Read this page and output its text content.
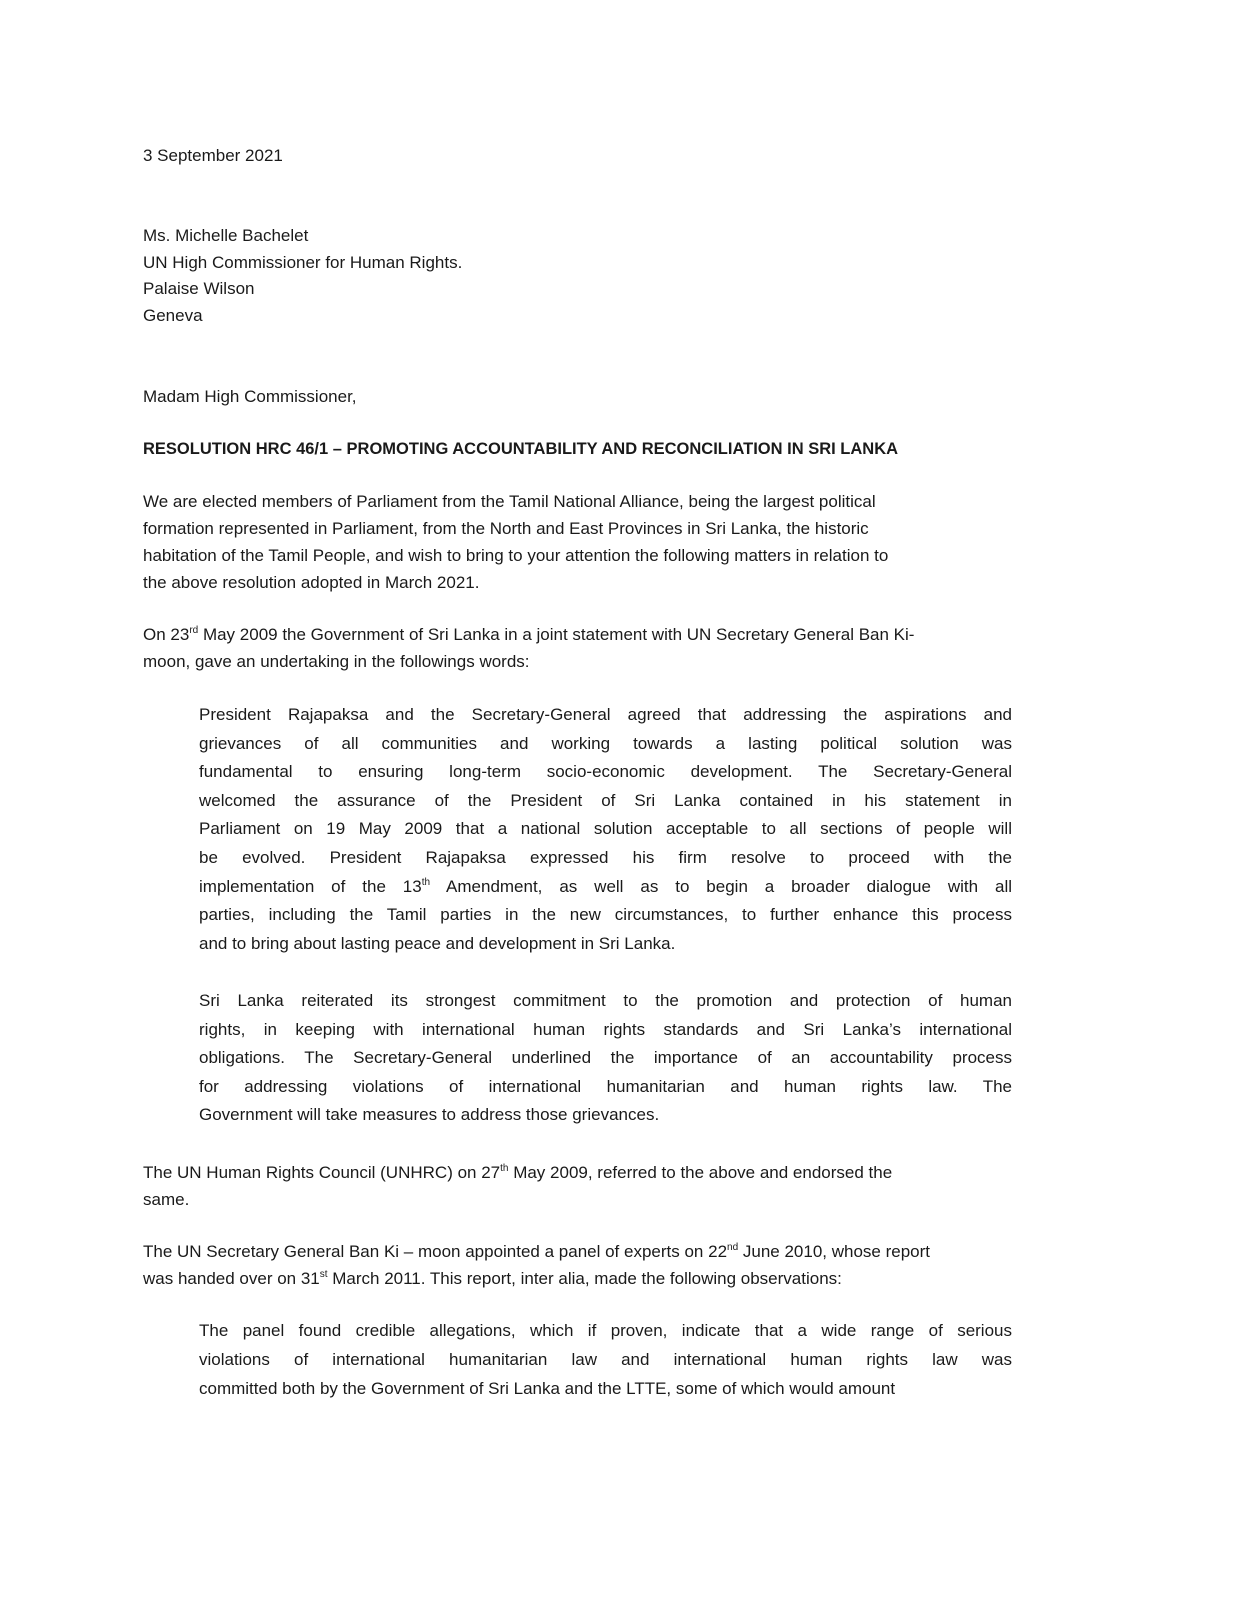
3 September 2021
Ms. Michelle Bachelet
UN High Commissioner for Human Rights.
Palaise Wilson
Geneva
Madam High Commissioner,
RESOLUTION HRC 46/1 – PROMOTING ACCOUNTABILITY AND RECONCILIATION IN SRI LANKA
We are elected members of Parliament from the Tamil National Alliance, being the largest political
formation represented in Parliament, from the North and East Provinces in Sri Lanka, the historic
habitation of the Tamil People, and wish to bring to your attention the following matters in relation to
the above resolution adopted in March 2021.
On 23rd May 2009 the Government of Sri Lanka in a joint statement with UN Secretary General Ban Ki-
moon, gave an undertaking in the followings words:
President Rajapaksa and the Secretary-General agreed that addressing the aspirations and
grievances of all communities and working towards a lasting political solution was
fundamental to ensuring long-term socio-economic development. The Secretary-General
welcomed the assurance of the President of Sri Lanka contained in his statement in
Parliament on 19 May 2009 that a national solution acceptable to all sections of people will
be evolved. President Rajapaksa expressed his firm resolve to proceed with the
implementation of the 13th Amendment, as well as to begin a broader dialogue with all
parties, including the Tamil parties in the new circumstances, to further enhance this process
and to bring about lasting peace and development in Sri Lanka.
Sri Lanka reiterated its strongest commitment to the promotion and protection of human
rights, in keeping with international human rights standards and Sri Lanka’s international
obligations. The Secretary-General underlined the importance of an accountability process
for addressing violations of international humanitarian and human rights law. The
Government will take measures to address those grievances.
The UN Human Rights Council (UNHRC) on 27th May 2009, referred to the above and endorsed the
same.
The UN Secretary General Ban Ki – moon appointed a panel of experts on 22nd June 2010, whose report
was handed over on 31st March 2011. This report, inter alia, made the following observations:
The panel found credible allegations, which if proven, indicate that a wide range of serious
violations of international humanitarian law and international human rights law was
committed both by the Government of Sri Lanka and the LTTE, some of which would amount
